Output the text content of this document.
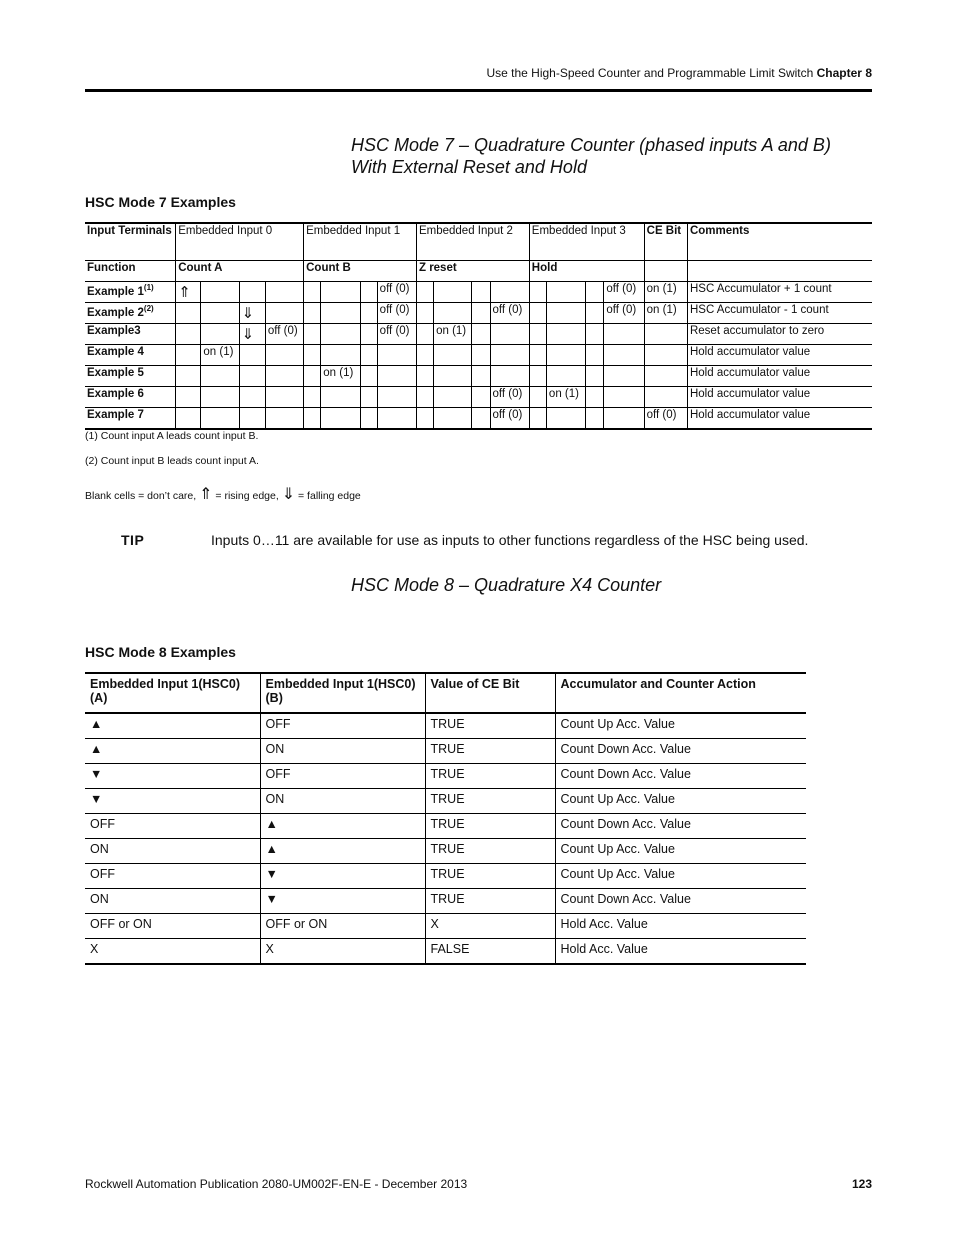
Use the High-Speed Counter and Programmable Limit Switch Chapter 8
HSC Mode 7 – Quadrature Counter (phased inputs A and B) With External Reset and Hold
HSC Mode 7 Examples
Input Terminals	Embedded Input 0				Embedded Input 1				Embedded Input 2				Embedded Input 3				CE Bit	Comments
Function	Count A				Count B				Z reset				Hold					
Example 1$^{(1)}$	⇑							off (0)								off (0)	on (1)	HSC Accumulator + 1 count
Example 2$^{(2)}$			⇓					off (0)				off (0)				off (0)	on (1)	HSC Accumulator - 1 count
Example3			⇓	off (0)				off (0)		on (1)								Reset accumulator to zero
Example 4		on (1)																Hold accumulator value
Example 5						on (1)												Hold accumulator value
Example 6												off (0)		on (1)				Hold accumulator value
Example 7												off (0)					off (0)	Hold accumulator value
(1) Count input A leads count input B.
(2) Count input B leads count input A.
Blank cells = don’t care, ⇑ = rising edge, ⇓ = falling edge
TIP	Inputs 0…11 are available for use as inputs to other functions regardless of the HSC being used.
HSC Mode 8 – Quadrature X4 Counter
HSC Mode 8 Examples
Embedded Input 1(HSC0) (A)	Embedded Input 1(HSC0) (B)	Value of CE Bit	Accumulator and Counter Action
▲	OFF	TRUE	Count Up Acc. Value
▲	ON	TRUE	Count Down Acc. Value
▼	OFF	TRUE	Count Down Acc. Value
▼	ON	TRUE	Count Up Acc. Value
OFF	▲	TRUE	Count Down Acc. Value
ON	▲	TRUE	Count Up Acc. Value
OFF	▼	TRUE	Count Up Acc. Value
ON	▼	TRUE	Count Down Acc. Value
OFF or ON	OFF or ON	X	Hold Acc. Value
X	X	FALSE	Hold Acc. Value
Rockwell Automation Publication 2080-UM002F-EN-E - December 2013	123
